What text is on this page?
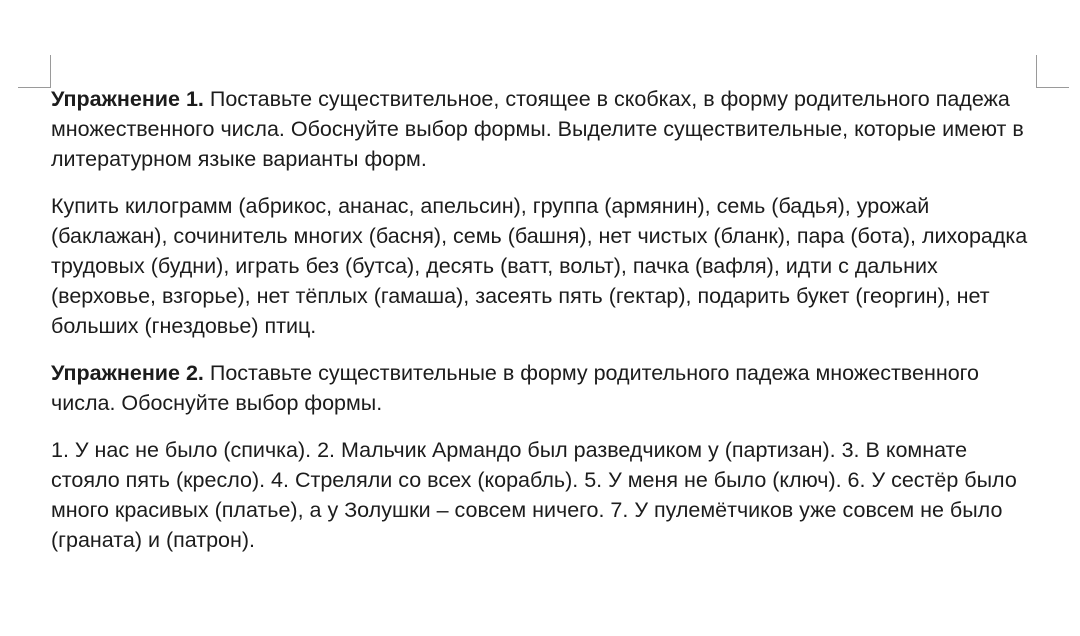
Упражнение 1. Поставьте существительное, стоящее в скобках, в форму родительного падежа множественного числа. Обоснуйте выбор формы. Выделите существительные, которые имеют в литературном языке варианты форм.

Купить килограмм (абрикос, ананас, апельсин), группа (армянин), семь (бадья), урожай (баклажан), сочинитель многих (басня), семь (башня), нет чистых (бланк), пара (бота), лихорадка трудовых (будни), играть без (бутса), десять (ватт, вольт), пачка (вафля), идти с дальних (верховье, взгорье), нет тёплых (гамаша), засеять пять (гектар), подарить букет (георгин), нет больших (гнездовье) птиц.

Упражнение 2. Поставьте существительные в форму родительного падежа множественного числа. Обоснуйте выбор формы.

1. У нас не было (спичка). 2. Мальчик Армандо был разведчиком у (партизан). 3. В комнате стояло пять (кресло). 4. Стреляли со всех (корабль). 5. У меня не было (ключ). 6. У сестёр было много красивых (платье), а у Золушки – совсем ничего. 7. У пулемётчиков уже совсем не было (граната) и (патрон).
